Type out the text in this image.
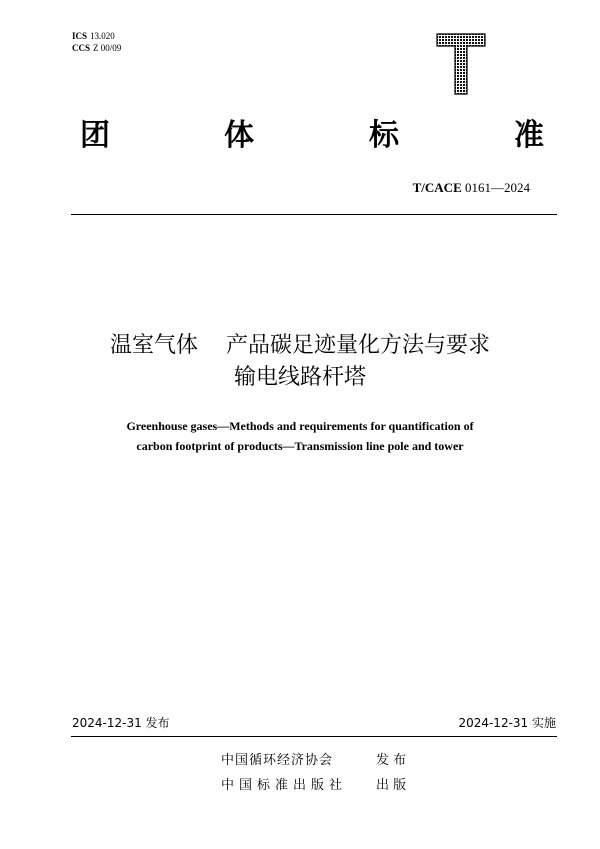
ICS 13.020
CCS Z 00/09
团	体	标	准
T/CACE 0161—2024
温室气体 产品碳足迹量化方法与要求
输电线路杆塔
Greenhouse gases—Methods and requirements for quantification of
carbon footprint of products—Transmission line pole and tower
2024-12-31 发布	2024-12-31 实施
中国循环经济协会	发 布
中国标准出版社 出 版
